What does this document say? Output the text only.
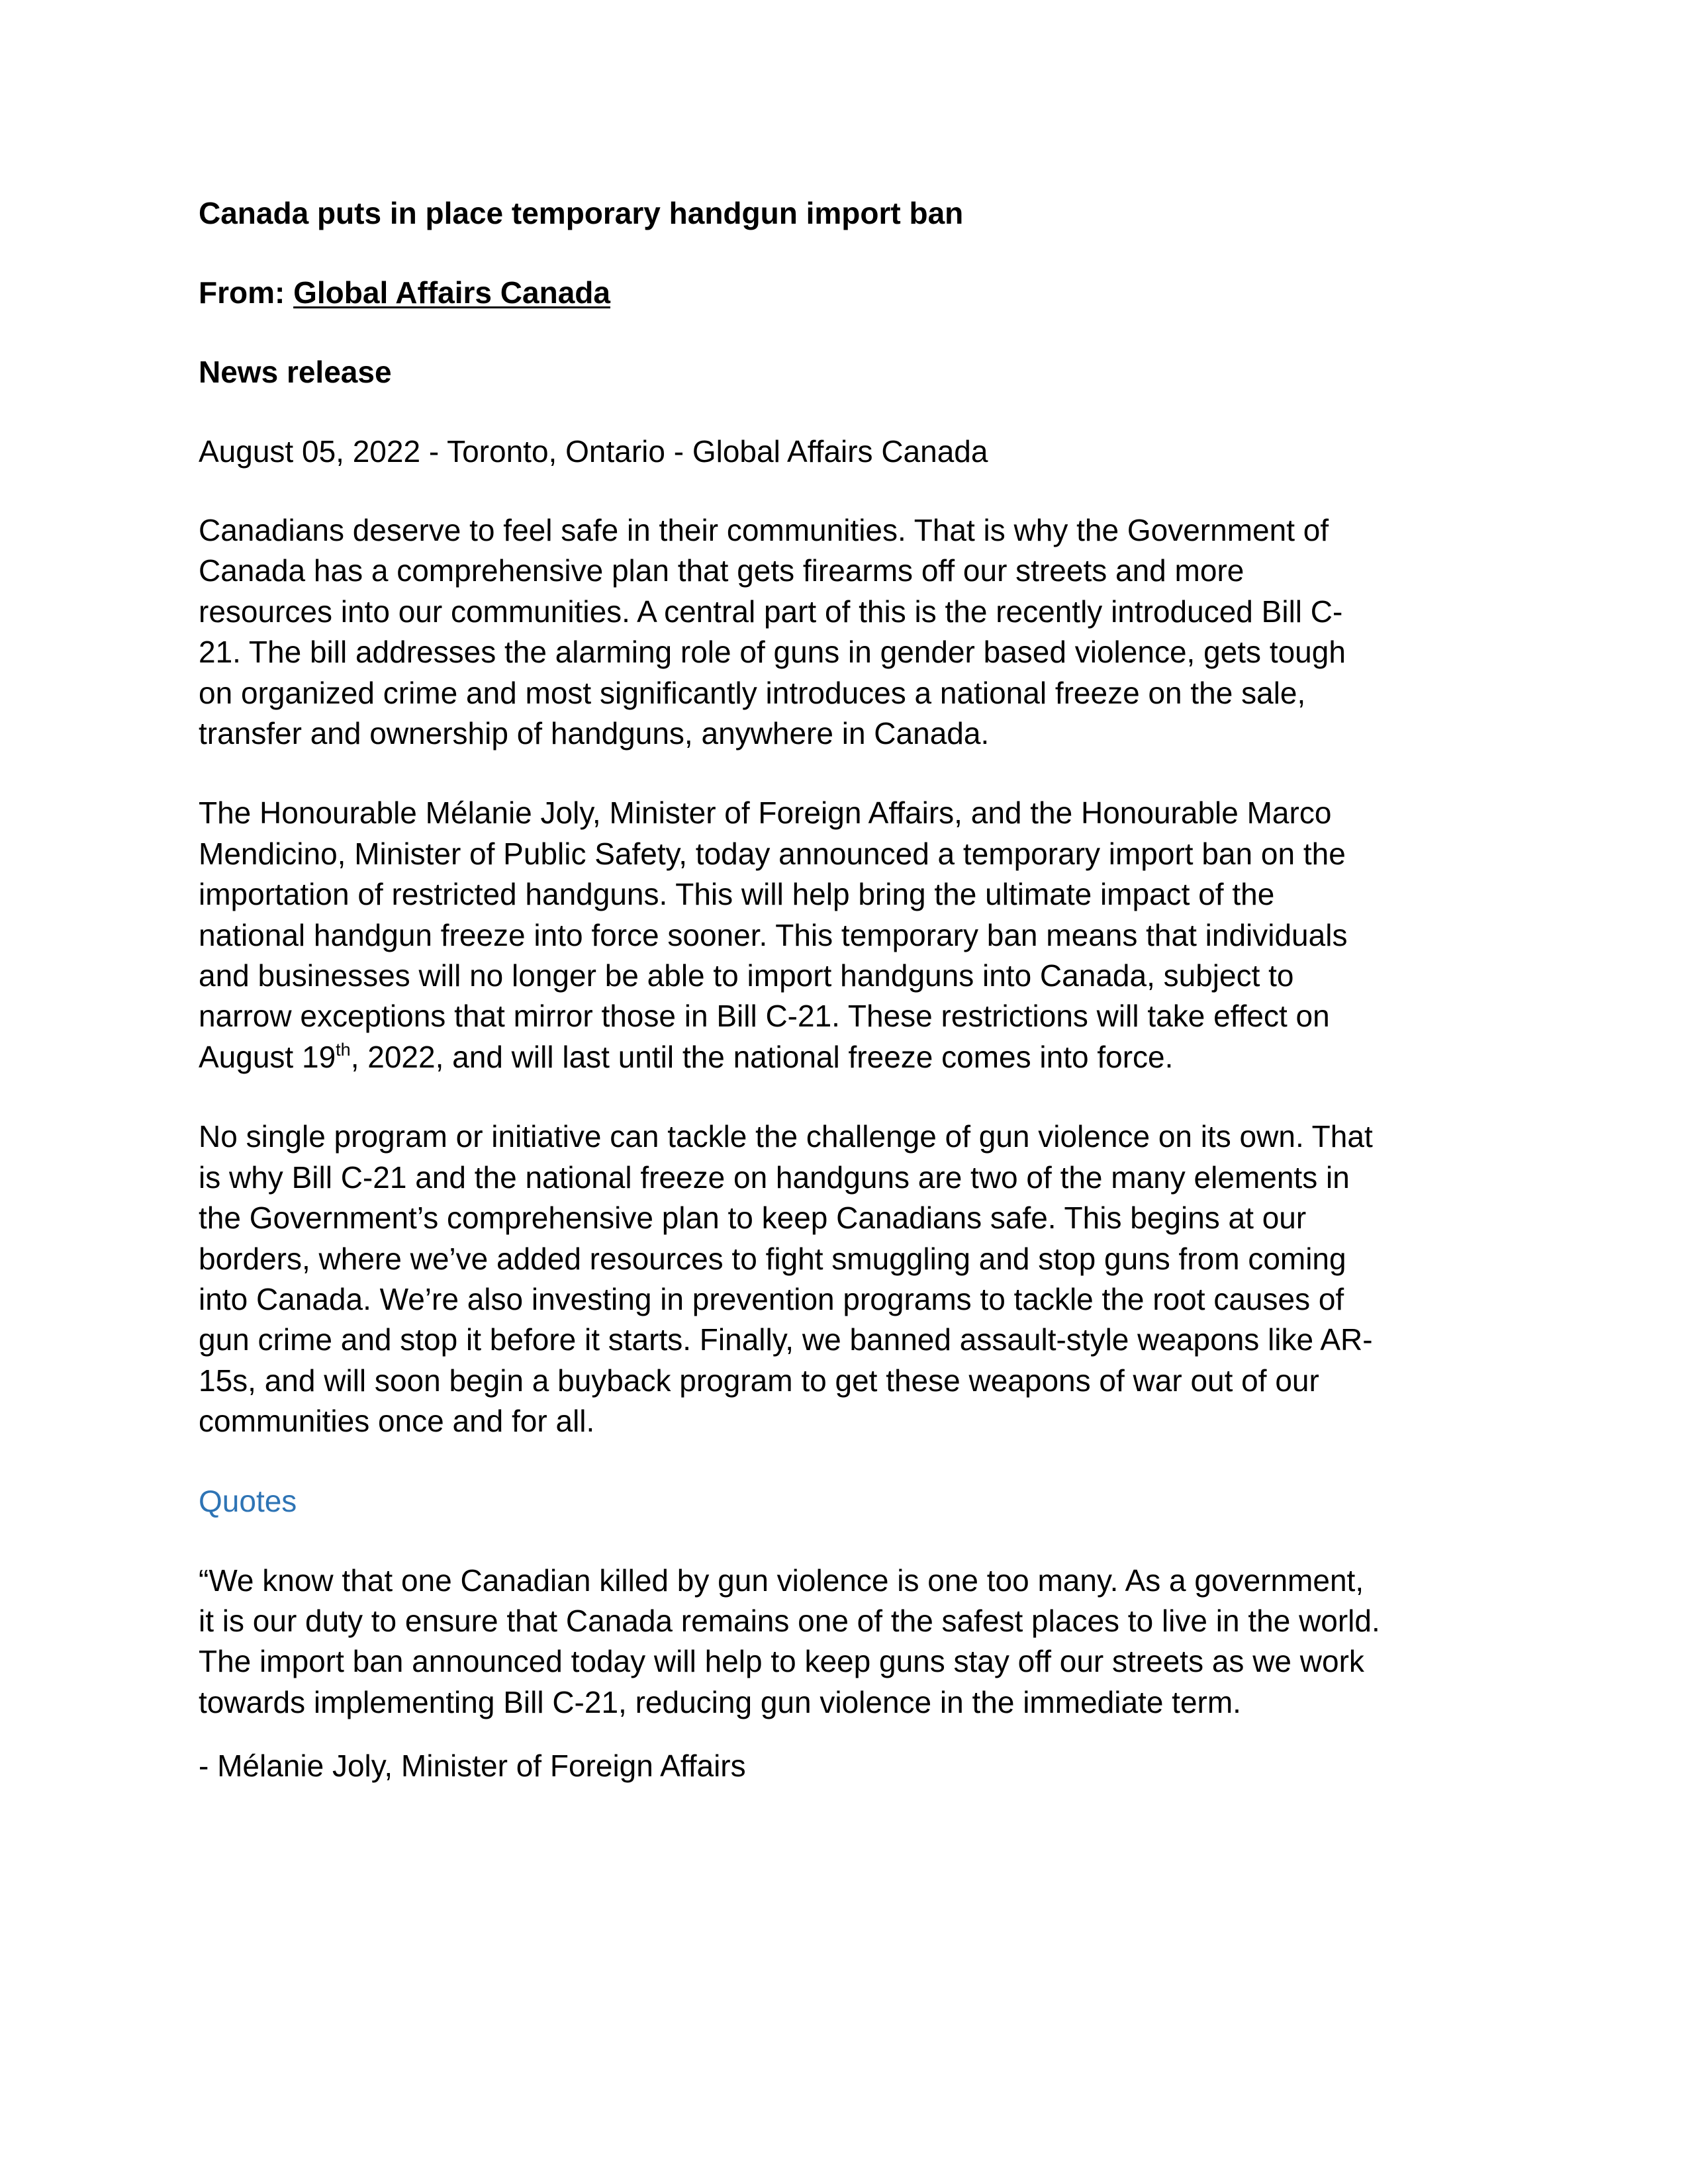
Canada puts in place temporary handgun import ban

From: Global Affairs Canada

News release

August 05, 2022 - Toronto, Ontario - Global Affairs Canada

Canadians deserve to feel safe in their communities. That is why the Government of
Canada has a comprehensive plan that gets firearms off our streets and more
resources into our communities. A central part of this is the recently introduced Bill C-
21. The bill addresses the alarming role of guns in gender based violence, gets tough
on organized crime and most significantly introduces a national freeze on the sale,
transfer and ownership of handguns, anywhere in Canada.

The Honourable Mélanie Joly, Minister of Foreign Affairs, and the Honourable Marco
Mendicino, Minister of Public Safety, today announced a temporary import ban on the
importation of restricted handguns. This will help bring the ultimate impact of the
national handgun freeze into force sooner. This temporary ban means that individuals
and businesses will no longer be able to import handguns into Canada, subject to
narrow exceptions that mirror those in Bill C-21. These restrictions will take effect on
August 19th, 2022, and will last until the national freeze comes into force.

No single program or initiative can tackle the challenge of gun violence on its own. That
is why Bill C-21 and the national freeze on handguns are two of the many elements in
the Government’s comprehensive plan to keep Canadians safe. This begins at our
borders, where we’ve added resources to fight smuggling and stop guns from coming
into Canada. We’re also investing in prevention programs to tackle the root causes of
gun crime and stop it before it starts. Finally, we banned assault-style weapons like AR-
15s, and will soon begin a buyback program to get these weapons of war out of our
communities once and for all.

Quotes

“We know that one Canadian killed by gun violence is one too many. As a government,
it is our duty to ensure that Canada remains one of the safest places to live in the world.
The import ban announced today will help to keep guns stay off our streets as we work
towards implementing Bill C-21, reducing gun violence in the immediate term.

- Mélanie Joly, Minister of Foreign Affairs
